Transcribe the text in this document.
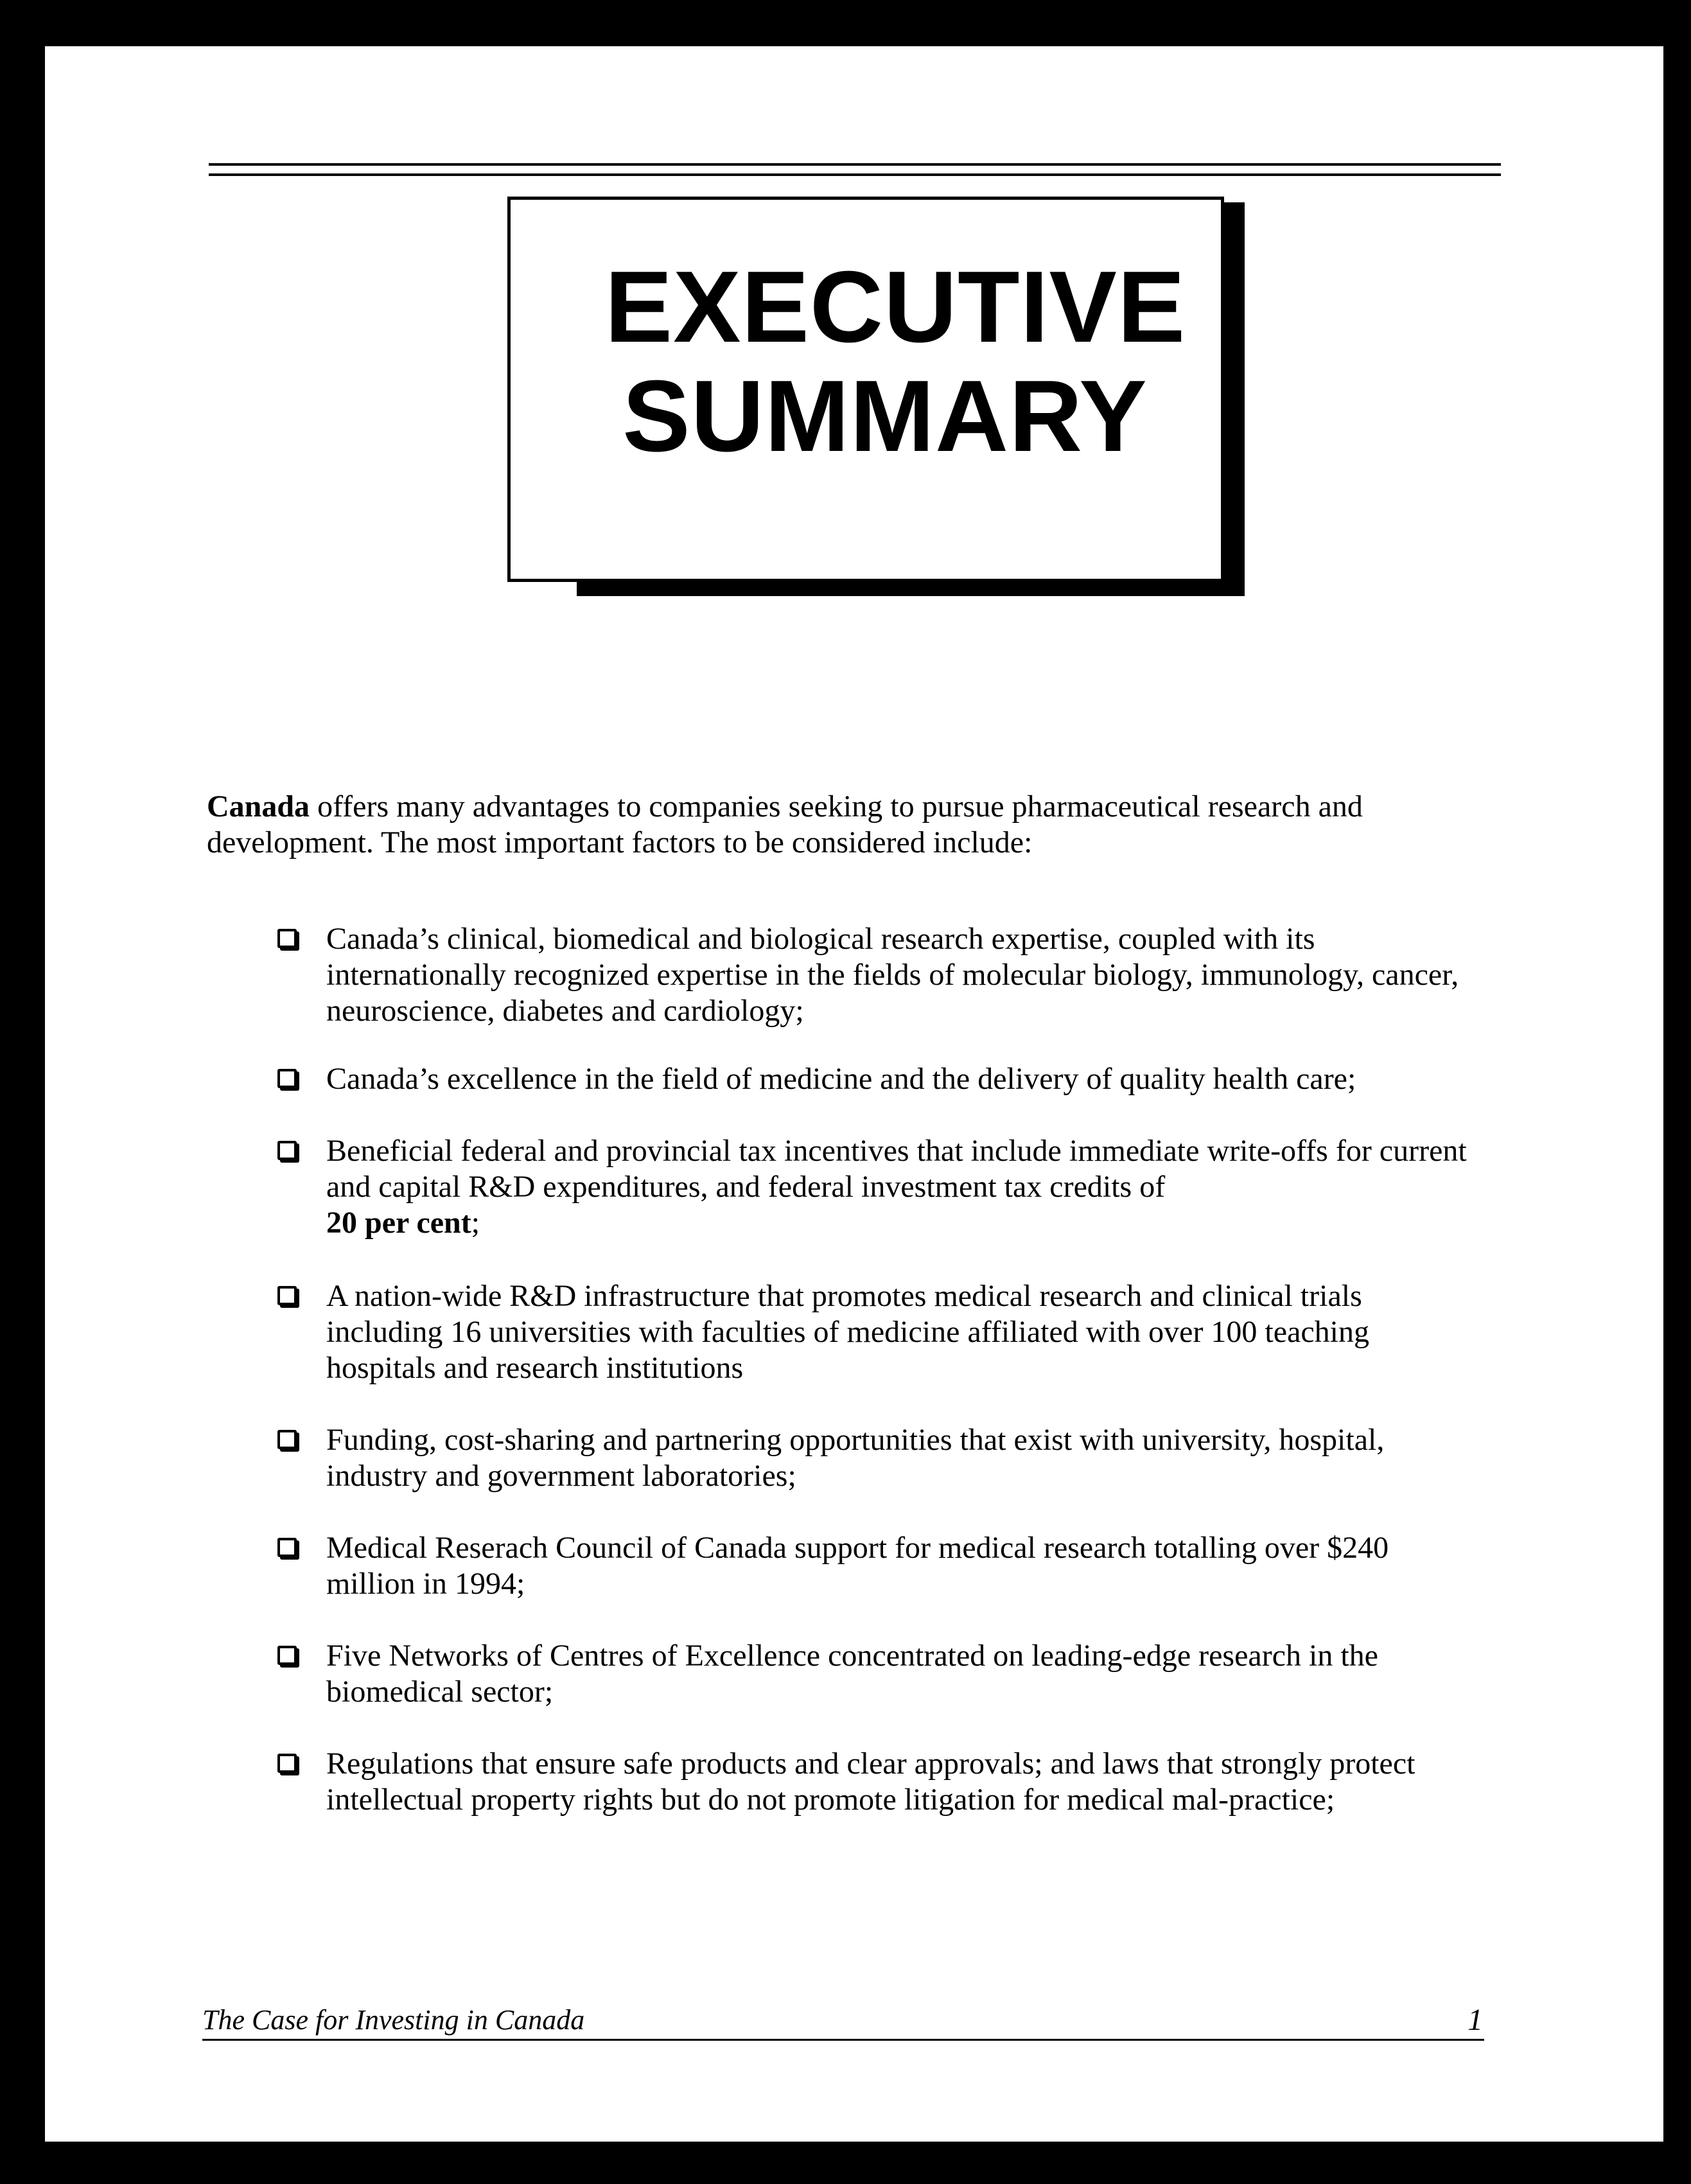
EXECUTIVE
SUMMARY

Canada offers many advantages to companies seeking to pursue pharmaceutical research and development. The most important factors to be considered include:

Canada’s clinical, biomedical and biological research expertise, coupled with its internationally recognized expertise in the fields of molecular biology, immunology, cancer, neuroscience, diabetes and cardiology;
Canada’s excellence in the field of medicine and the delivery of quality health care;
Beneficial federal and provincial tax incentives that include immediate write-offs for current and capital R&D expenditures, and federal investment tax credits of
20 per cent;
A nation-wide R&D infrastructure that promotes medical research and clinical trials including 16 universities with faculties of medicine affiliated with over 100 teaching hospitals and research institutions
Funding, cost-sharing and partnering opportunities that exist with university, hospital, industry and government laboratories;
Medical Reserach Council of Canada support for medical research totalling over $240 million in 1994;
Five Networks of Centres of Excellence concentrated on leading-edge research in the biomedical sector;
Regulations that ensure safe products and clear approvals; and laws that strongly protect intellectual property rights but do not promote litigation for medical mal-practice;
The Case for Investing in Canada	1
